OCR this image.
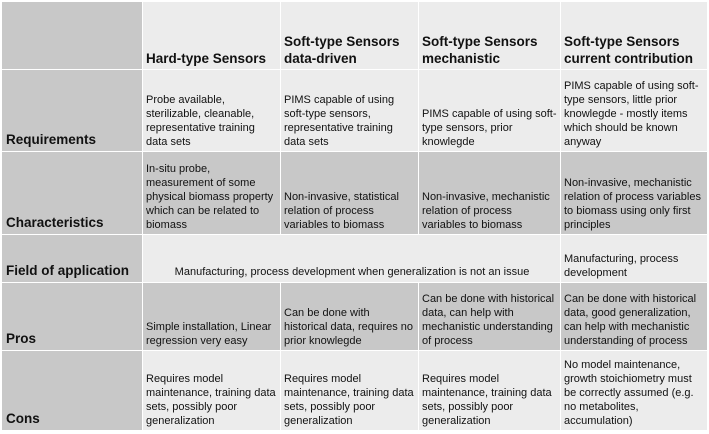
	Hard-type Sensors	Soft-type Sensors data-driven	Soft-type Sensors mechanistic	Soft-type Sensors current contribution
Requirements	Probe available, sterilizable, cleanable, representative training data sets	PIMS capable of using soft-type sensors, representative training data sets	PIMS capable of using soft-type sensors, prior knowlegde	PIMS capable of using soft-type sensors, little prior knowlegde - mostly items which should be known anyway
Characteristics	In-situ probe, measurement of some physical biomass property which can be related to biomass	Non-invasive, statistical relation of process variables to biomass	Non-invasive, mechanistic relation of process variables to biomass	Non-invasive, mechanistic relation of process variables to biomass using only first principles
Field of application	Manufacturing, process development when generalization is not an issue			Manufacturing, process development
Pros	Simple installation, Linear regression very easy	Can be done with historical data, requires no prior knowlegde	Can be done with historical data, can help with mechanistic understanding of process	Can be done with historical data, good generalization, can help with mechanistic understanding of process
Cons	Requires model maintenance, training data sets, possibly poor generalization	Requires model maintenance, training data sets, possibly poor generalization	Requires model maintenance, training data sets, possibly poor generalization	No model maintenance, growth stoichiometry must be correctly assumed (e.g. no metabolites, accumulation)
